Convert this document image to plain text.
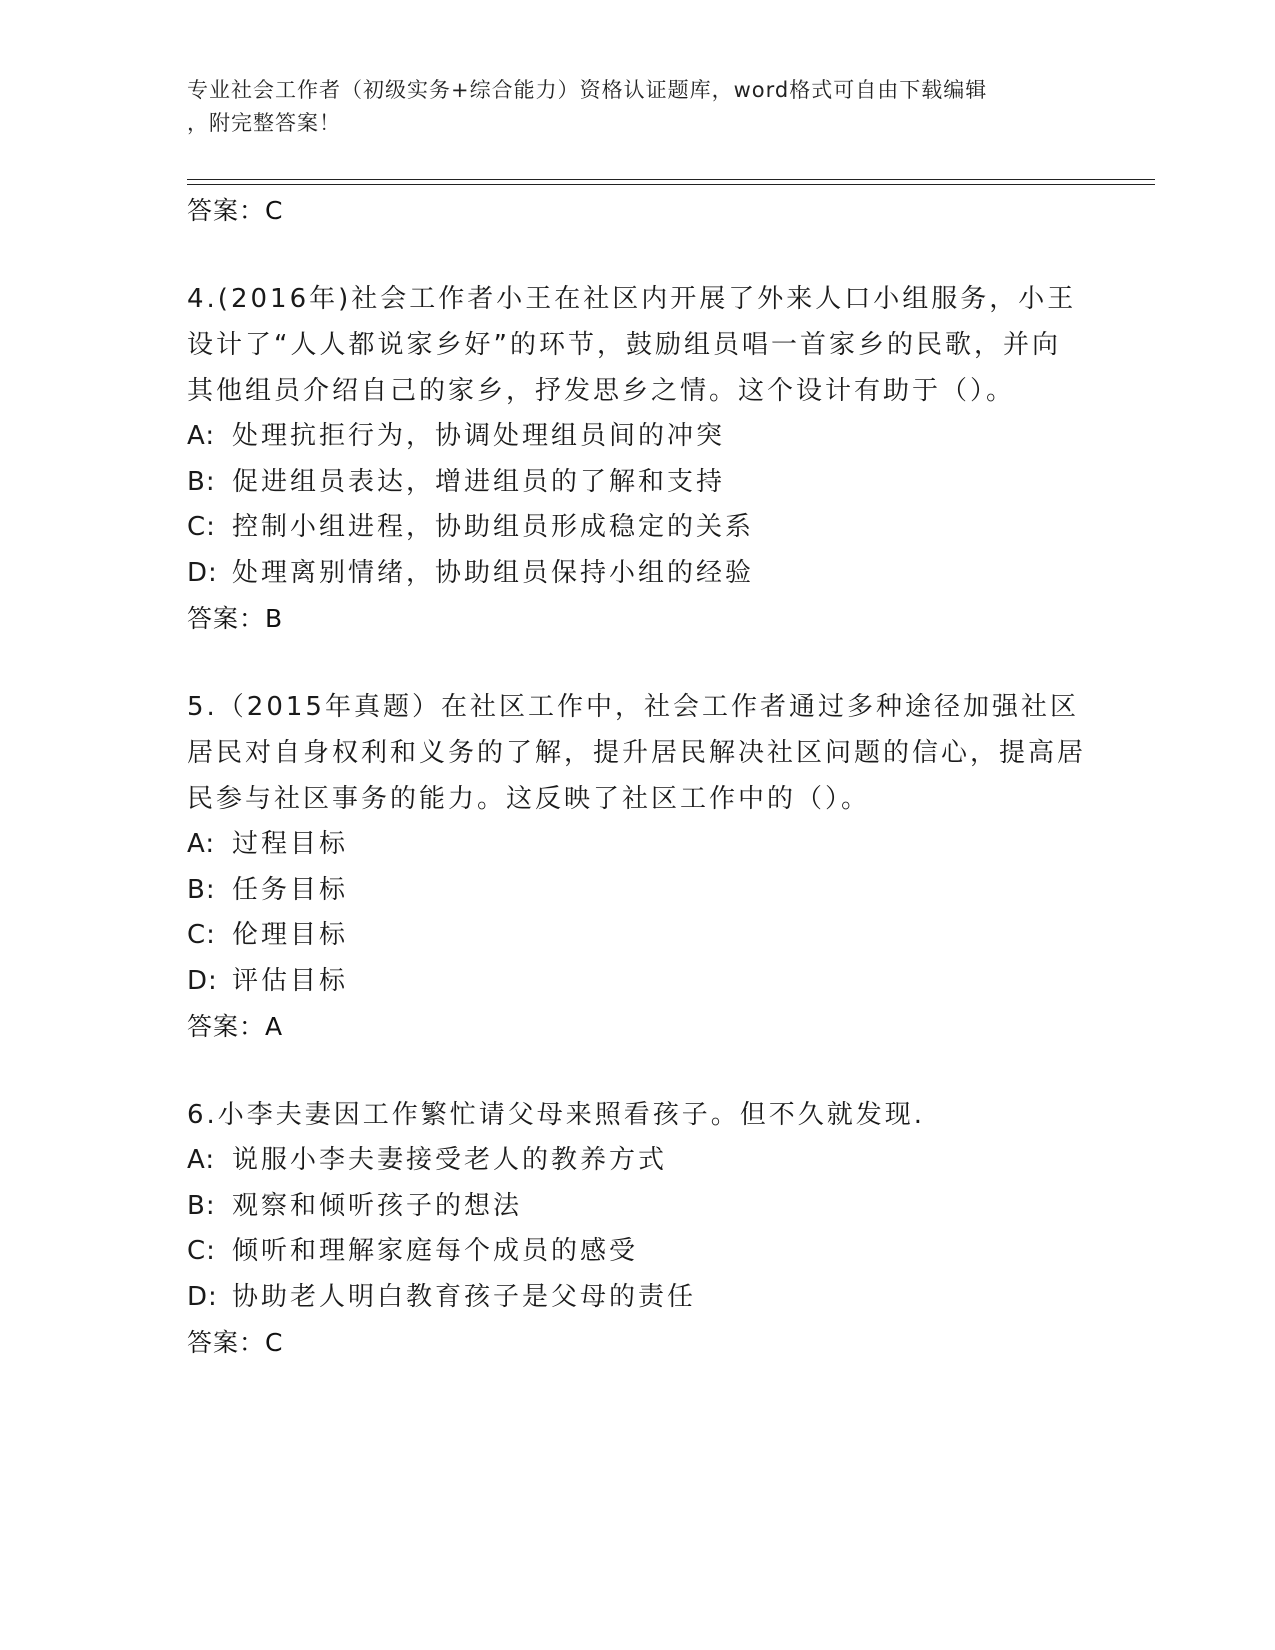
专业社会工作者（初级实务+综合能力）资格认证题库，word格式可自由下载编辑
，附完整答案！
答案：C
4.(2016年)社会工作者小王在社区内开展了外来人口小组服务，小王设计了“人人都说家乡好”的环节，鼓励组员唱一首家乡的民歌，并向其他组员介绍自己的家乡，抒发思乡之情。这个设计有助于（）。
A: 处理抗拒行为，协调处理组员间的冲突
B: 促进组员表达，增进组员的了解和支持
C: 控制小组进程，协助组员形成稳定的关系
D: 处理离别情绪，协助组员保持小组的经验
答案：B
5.（2015年真题）在社区工作中，社会工作者通过多种途径加强社区居民对自身权利和义务的了解，提升居民解决社区问题的信心，提高居民参与社区事务的能力。这反映了社区工作中的（）。
A: 过程目标
B: 任务目标
C: 伦理目标
D: 评估目标
答案：A
6.小李夫妻因工作繁忙请父母来照看孩子。但不久就发现.
A: 说服小李夫妻接受老人的教养方式
B: 观察和倾听孩子的想法
C: 倾听和理解家庭每个成员的感受
D: 协助老人明白教育孩子是父母的责任
答案：C
